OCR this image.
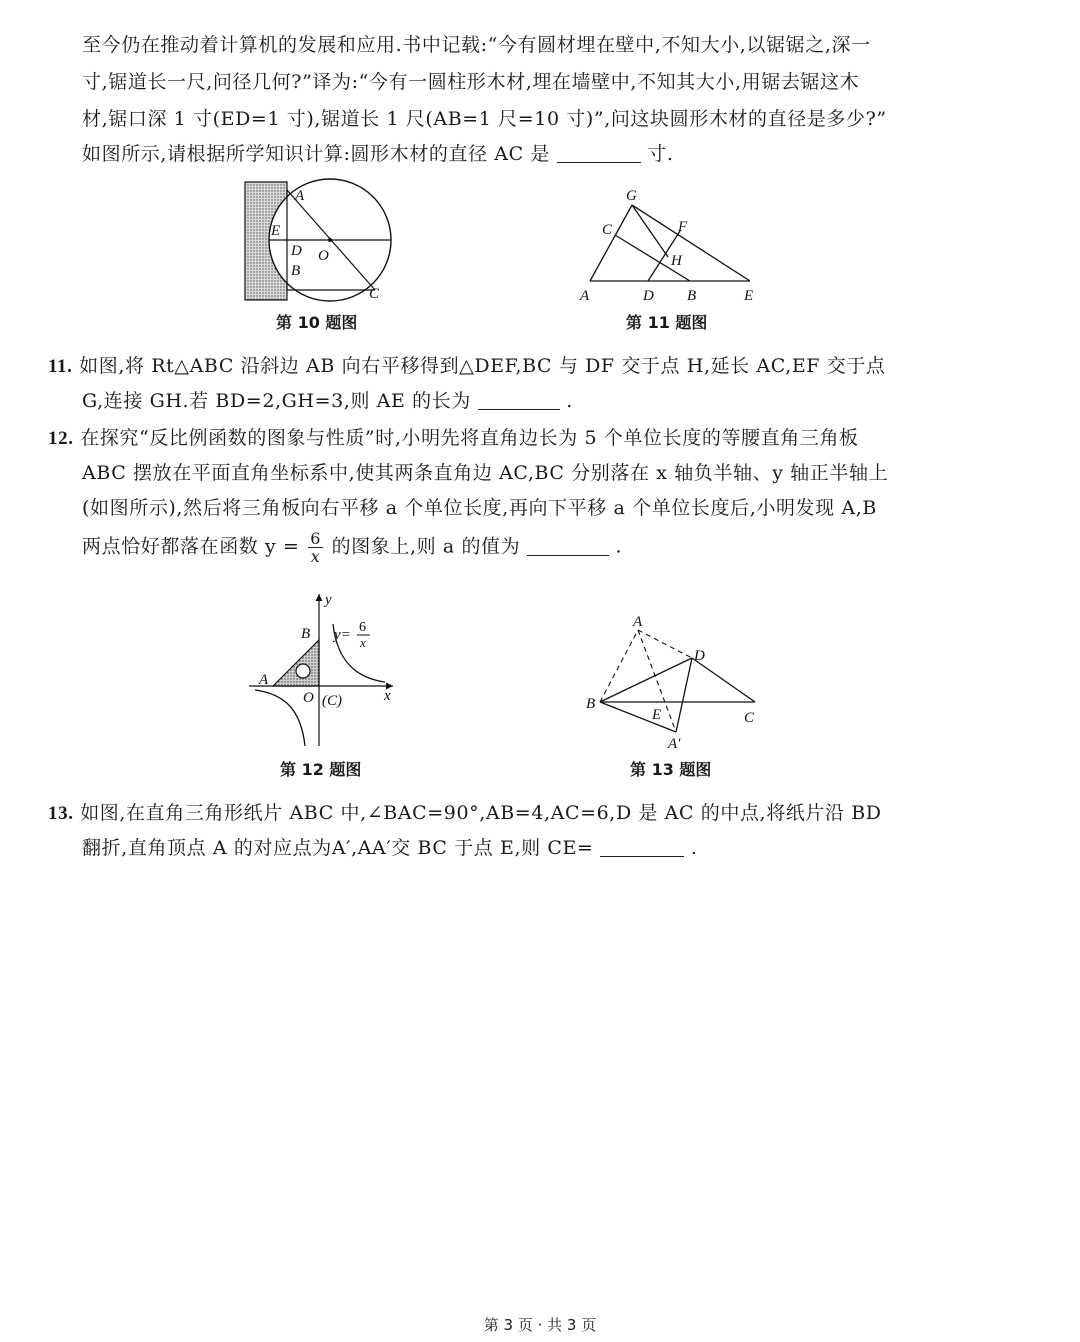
至今仍在推动着计算机的发展和应用.书中记载:“今有圆材埋在壁中,不知大小,以锯锯之,深一
寸,锯道长一尺,问径几何?”译为:“今有一圆柱形木材,埋在墙壁中,不知其大小,用锯去锯这木
材,锯口深 1 寸(ED=1 寸),锯道长 1 尺(AB=1 尺=10 寸)”,问这块圆形木材的直径是多少?”
如图所示,请根据所学知识计算:圆形木材的直径 AC 是	寸.
A
E
D O
B
C
第 10 题图
G
C	F
H
A	D B	E
第 11 题图
11. 如图,将 Rt△ABC 沿斜边 AB 向右平移得到△DEF,BC 与 DF 交于点 H,延长 AC,EF 交于点
G,连接 GH.若 BD=2,GH=3,则 AE 的长为	.
12. 在探究“反比例函数的图象与性质”时,小明先将直角边长为 5 个单位长度的等腰直角三角板
ABC 摆放在平面直角坐标系中,使其两条直角边 AC,BC 分别落在 x 轴负半轴、y 轴正半轴上
(如图所示),然后将三角板向右平移 a 个单位长度,再向下平移 a 个单位长度后,小明发现 A,B
两点恰好都落在函数 $y = \frac{6}{x}$ 的图象上,则 a 的值为	.
y
B
A
O (C)	x
y= 6
x
第 12 题图
A
D
B
E	C
A′
第 13 题图
13. 如图,在直角三角形纸片 ABC 中,∠BAC=90°,AB=4,AC=6,D 是 AC 的中点,将纸片沿 BD
翻折,直角顶点 A 的对应点为A′,AA′交 BC 于点 E,则 CE=	.
第 3 页 · 共 3 页
